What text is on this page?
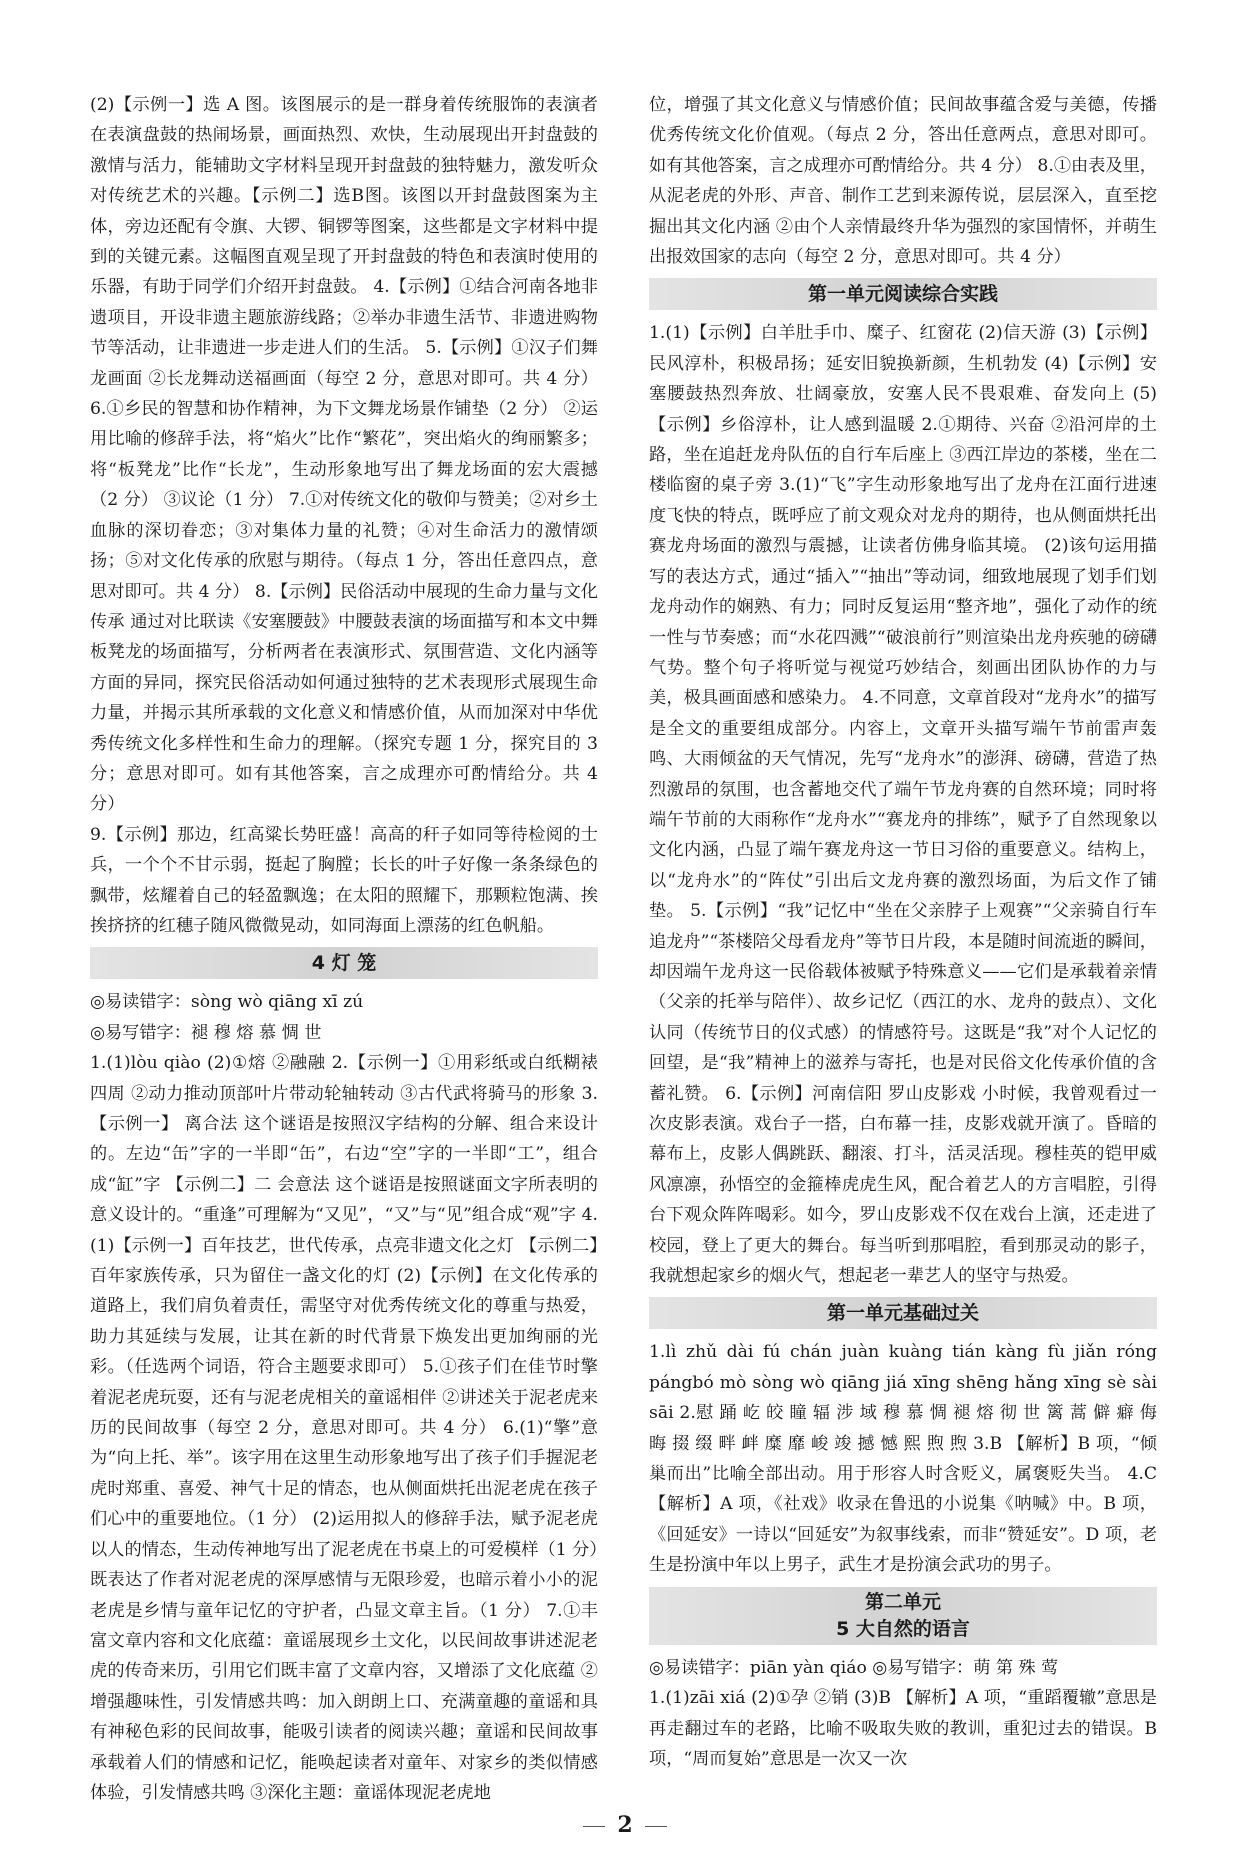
(2)【示例一】选 A 图。该图展示的是一群身着传统服饰的表演者在表演盘鼓的热闹场景，画面热烈、欢快，生动展现出开封盘鼓的激情与活力，能辅助文字材料呈现开封盘鼓的独特魅力，激发听众对传统艺术的兴趣。【示例二】选B图。该图以开封盘鼓图案为主体，旁边还配有令旗、大锣、铜锣等图案，这些都是文字材料中提到的关键元素。这幅图直观呈现了开封盘鼓的特色和表演时使用的乐器，有助于同学们介绍开封盘鼓。 4.【示例】①结合河南各地非遗项目，开设非遗主题旅游线路；②举办非遗生活节、非遗进购物节等活动，让非遗进一步走进人们的生活。 5.【示例】①汉子们舞龙画面 ②长龙舞动送福画面（每空 2 分，意思对即可。共 4 分） 6.①乡民的智慧和协作精神，为下文舞龙场景作铺垫（2 分） ②运用比喻的修辞手法，将“焰火”比作“繁花”，突出焰火的绚丽繁多；将“板凳龙”比作“长龙”，生动形象地写出了舞龙场面的宏大震撼（2 分） ③议论（1 分） 7.①对传统文化的敬仰与赞美；②对乡土血脉的深切眷恋；③对集体力量的礼赞；④对生命活力的激情颂扬；⑤对文化传承的欣慰与期待。（每点 1 分，答出任意四点，意思对即可。共 4 分） 8.【示例】民俗活动中展现的生命力量与文化传承 通过对比联读《安塞腰鼓》中腰鼓表演的场面描写和本文中舞板凳龙的场面描写，分析两者在表演形式、氛围营造、文化内涵等方面的异同，探究民俗活动如何通过独特的艺术表现形式展现生命力量，并揭示其所承载的文化意义和情感价值，从而加深对中华优秀传统文化多样性和生命力的理解。（探究专题 1 分，探究目的 3 分；意思对即可。如有其他答案，言之成理亦可酌情给分。共 4 分）

9.【示例】那边，红高粱长势旺盛！高高的秆子如同等待检阅的士兵，一个个不甘示弱，挺起了胸膛；长长的叶子好像一条条绿色的飘带，炫耀着自己的轻盈飘逸；在太阳的照耀下，那颗粒饱满、挨挨挤挤的红穗子随风微微晃动，如同海面上漂荡的红色帆船。

4 灯 笼

◎易读错字：sòng wò qiāng xī zú

◎易写错字：褪 穆 熔 慕 惆 世

1.(1)lòu qiào (2)①熔 ②融融 2.【示例一】①用彩纸或白纸糊裱四周 ②动力推动顶部叶片带动轮轴转动 ③古代武将骑马的形象 3.【示例一】 离合法 这个谜语是按照汉字结构的分解、组合来设计的。左边“缶”字的一半即“缶”，右边“空”字的一半即“工”，组合成“缸”字 【示例二】二 会意法 这个谜语是按照谜面文字所表明的意义设计的。“重逢”可理解为“又见”，“又”与“见”组合成“观”字 4.(1)【示例一】百年技艺，世代传承，点亮非遗文化之灯 【示例二】百年家族传承，只为留住一盏文化的灯 (2)【示例】在文化传承的道路上，我们肩负着责任，需坚守对优秀传统文化的尊重与热爱，助力其延续与发展，让其在新的时代背景下焕发出更加绚丽的光彩。（任选两个词语，符合主题要求即可） 5.①孩子们在佳节时擎着泥老虎玩耍，还有与泥老虎相关的童谣相伴 ②讲述关于泥老虎来历的民间故事（每空 2 分，意思对即可。共 4 分） 6.(1)“擎”意为“向上托、举”。该字用在这里生动形象地写出了孩子们手握泥老虎时郑重、喜爱、神气十足的情态，也从侧面烘托出泥老虎在孩子们心中的重要地位。（1 分） (2)运用拟人的修辞手法，赋予泥老虎以人的情态，生动传神地写出了泥老虎在书桌上的可爱模样（1 分）既表达了作者对泥老虎的深厚感情与无限珍爱，也暗示着小小的泥老虎是乡情与童年记忆的守护者，凸显文章主旨。（1 分） 7.①丰富文章内容和文化底蕴：童谣展现乡土文化，以民间故事讲述泥老虎的传奇来历，引用它们既丰富了文章内容，又增添了文化底蕴 ②增强趣味性，引发情感共鸣：加入朗朗上口、充满童趣的童谣和具有神秘色彩的民间故事，能吸引读者的阅读兴趣；童谣和民间故事承载着人们的情感和记忆，能唤起读者对童年、对家乡的类似情感体验，引发情感共鸣 ③深化主题：童谣体现泥老虎地

位，增强了其文化意义与情感价值；民间故事蕴含爱与美德，传播优秀传统文化价值观。（每点 2 分，答出任意两点，意思对即可。如有其他答案，言之成理亦可酌情给分。共 4 分） 8.①由表及里，从泥老虎的外形、声音、制作工艺到来源传说，层层深入，直至挖掘出其文化内涵 ②由个人亲情最终升华为强烈的家国情怀，并萌生出报效国家的志向（每空 2 分，意思对即可。共 4 分）

第一单元阅读综合实践

1.(1)【示例】白羊肚手巾、糜子、红窗花 (2)信天游 (3)【示例】民风淳朴，积极昂扬；延安旧貌换新颜，生机勃发 (4)【示例】安塞腰鼓热烈奔放、壮阔豪放，安塞人民不畏艰难、奋发向上 (5)【示例】乡俗淳朴，让人感到温暖 2.①期待、兴奋 ②沿河岸的土路，坐在追赶龙舟队伍的自行车后座上 ③西江岸边的茶楼，坐在二楼临窗的桌子旁 3.(1)“飞”字生动形象地写出了龙舟在江面行进速度飞快的特点，既呼应了前文观众对龙舟的期待，也从侧面烘托出赛龙舟场面的激烈与震撼，让读者仿佛身临其境。 (2)该句运用描写的表达方式，通过“插入”“抽出”等动词，细致地展现了划手们划龙舟动作的娴熟、有力；同时反复运用“整齐地”，强化了动作的统一性与节奏感；而“水花四溅”“破浪前行”则渲染出龙舟疾驰的磅礴气势。整个句子将听觉与视觉巧妙结合，刻画出团队协作的力与美，极具画面感和感染力。 4.不同意，文章首段对“龙舟水”的描写是全文的重要组成部分。内容上，文章开头描写端午节前雷声轰鸣、大雨倾盆的天气情况，先写“龙舟水”的澎湃、磅礴，营造了热烈激昂的氛围，也含蓄地交代了端午节龙舟赛的自然环境；同时将端午节前的大雨称作“龙舟水”“赛龙舟的排练”，赋予了自然现象以文化内涵，凸显了端午赛龙舟这一节日习俗的重要意义。结构上，以“龙舟水”的“阵仗”引出后文龙舟赛的激烈场面，为后文作了铺垫。 5.【示例】“我”记忆中“坐在父亲脖子上观赛”“父亲骑自行车追龙舟”“茶楼陪父母看龙舟”等节日片段，本是随时间流逝的瞬间，却因端午龙舟这一民俗载体被赋予特殊意义——它们是承载着亲情（父亲的托举与陪伴）、故乡记忆（西江的水、龙舟的鼓点）、文化认同（传统节日的仪式感）的情感符号。这既是“我”对个人记忆的回望，是“我”精神上的滋养与寄托，也是对民俗文化传承价值的含蓄礼赞。 6.【示例】河南信阳 罗山皮影戏 小时候，我曾观看过一次皮影表演。戏台子一搭，白布幕一挂，皮影戏就开演了。昏暗的幕布上，皮影人偶跳跃、翻滚、打斗，活灵活现。穆桂英的铠甲威风凛凛，孙悟空的金箍棒虎虎生风，配合着艺人的方言唱腔，引得台下观众阵阵喝彩。如今，罗山皮影戏不仅在戏台上演，还走进了校园，登上了更大的舞台。每当听到那唱腔，看到那灵动的影子，我就想起家乡的烟火气，想起老一辈艺人的坚守与热爱。

第一单元基础过关

1.lì zhǔ dài fú chán juàn kuàng tián kàng fù jiǎn róng pángbó mò sòng wò qiāng jiá xīng shēng hǎng xīng sè sài sāi 2.慰 踊 屹 皎 瞳 辐 涉 域 穆 慕 惆 褪 熔 彻 世 篱 蒿 僻 癖 侮 晦 掇 缀 畔 衅 糜 靡 峻 竣 撼 憾 熙 煦 煦 3.B 【解析】B 项，“倾巢而出”比喻全部出动。用于形容人时含贬义，属褒贬失当。 4.C 【解析】A 项，《社戏》收录在鲁迅的小说集《呐喊》中。B 项，《回延安》一诗以“回延安”为叙事线索，而非“赞延安”。D 项，老生是扮演中年以上男子，武生才是扮演会武功的男子。

第二单元
5 大自然的语言

◎易读错字：piān yàn qiáo ◎易写错字：萌 第 殊 莺

1.(1)zāi xiá (2)①孕 ②销 (3)B 【解析】A 项，“重蹈覆辙”意思是再走翻过车的老路，比喻不吸取失败的教训，重犯过去的错误。B 项，“周而复始”意思是一次又一次

2
